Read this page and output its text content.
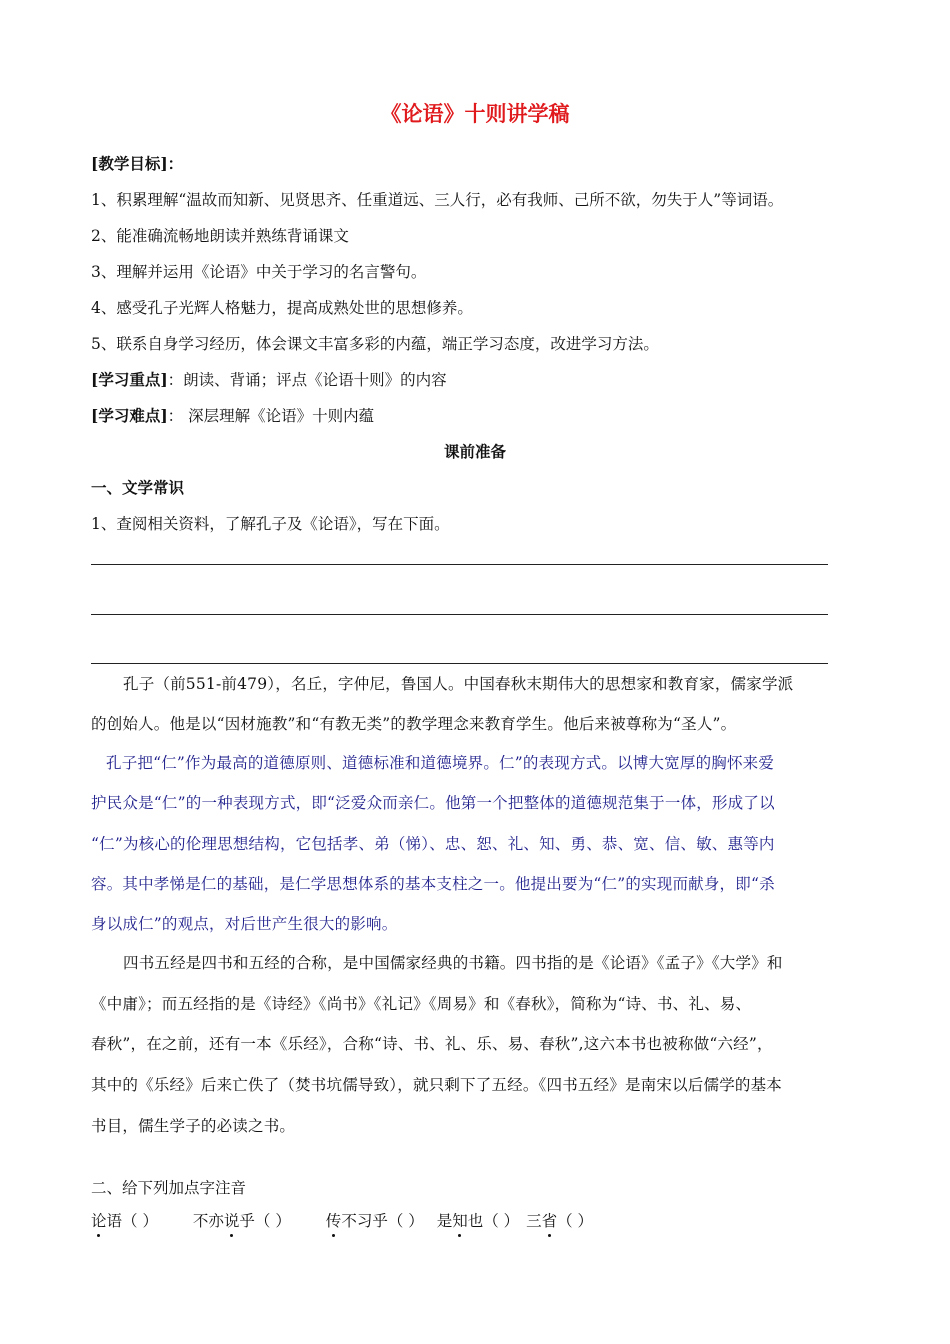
《论语》十则讲学稿
[教学目标]：
1、积累理解“温故而知新、见贤思齐、任重道远、三人行，必有我师、己所不欲，勿失于人”等词语。
2、能准确流畅地朗读并熟练背诵课文
3、理解并运用《论语》中关于学习的名言警句。
4、感受孔子光辉人格魅力，提高成熟处世的思想修养。
5、联系自身学习经历，体会课文丰富多彩的内蕴，端正学习态度，改进学习方法。
[学习重点]：朗读、背诵；评点《论语十则》的内容
[学习难点]： 深层理解《论语》十则内蕴
课前准备
一、文学常识
1、查阅相关资料，了解孔子及《论语》，写在下面。
孔子（前551-前479），名丘，字仲尼，鲁国人。中国春秋末期伟大的思想家和教育家，儒家学派
的创始人。他是以“因材施教”和“有教无类”的教学理念来教育学生。他后来被尊称为“圣人”。
孔子把“仁”作为最高的道德原则、道德标准和道德境界。仁”的表现方式。以博大宽厚的胸怀来爱
护民众是“仁”的一种表现方式，即“泛爱众而亲仁。他第一个把整体的道德规范集于一体，形成了以
“仁”为核心的伦理思想结构，它包括孝、弟（悌）、忠、恕、礼、知、勇、恭、宽、信、敏、惠等内
容。其中孝悌是仁的基础，是仁学思想体系的基本支柱之一。他提出要为“仁”的实现而献身，即“杀
身以成仁”的观点，对后世产生很大的影响。
四书五经是四书和五经的合称，是中国儒家经典的书籍。四书指的是《论语》《孟子》《大学》和
《中庸》；而五经指的是《诗经》《尚书》《礼记》《周易》和《春秋》，简称为“诗、书、礼、易、
春秋”，在之前，还有一本《乐经》，合称“诗、书、礼、乐、易、春秋”,这六本书也被称做“六经”，
其中的《乐经》后来亡佚了（焚书坑儒导致），就只剩下了五经。《四书五经》是南宋以后儒学的基本
书目，儒生学子的必读之书。
二、给下列加点字注音
论语（ ） 不亦说乎（ ） 传不习乎（ ） 是知也（ ） 三省（ ）
